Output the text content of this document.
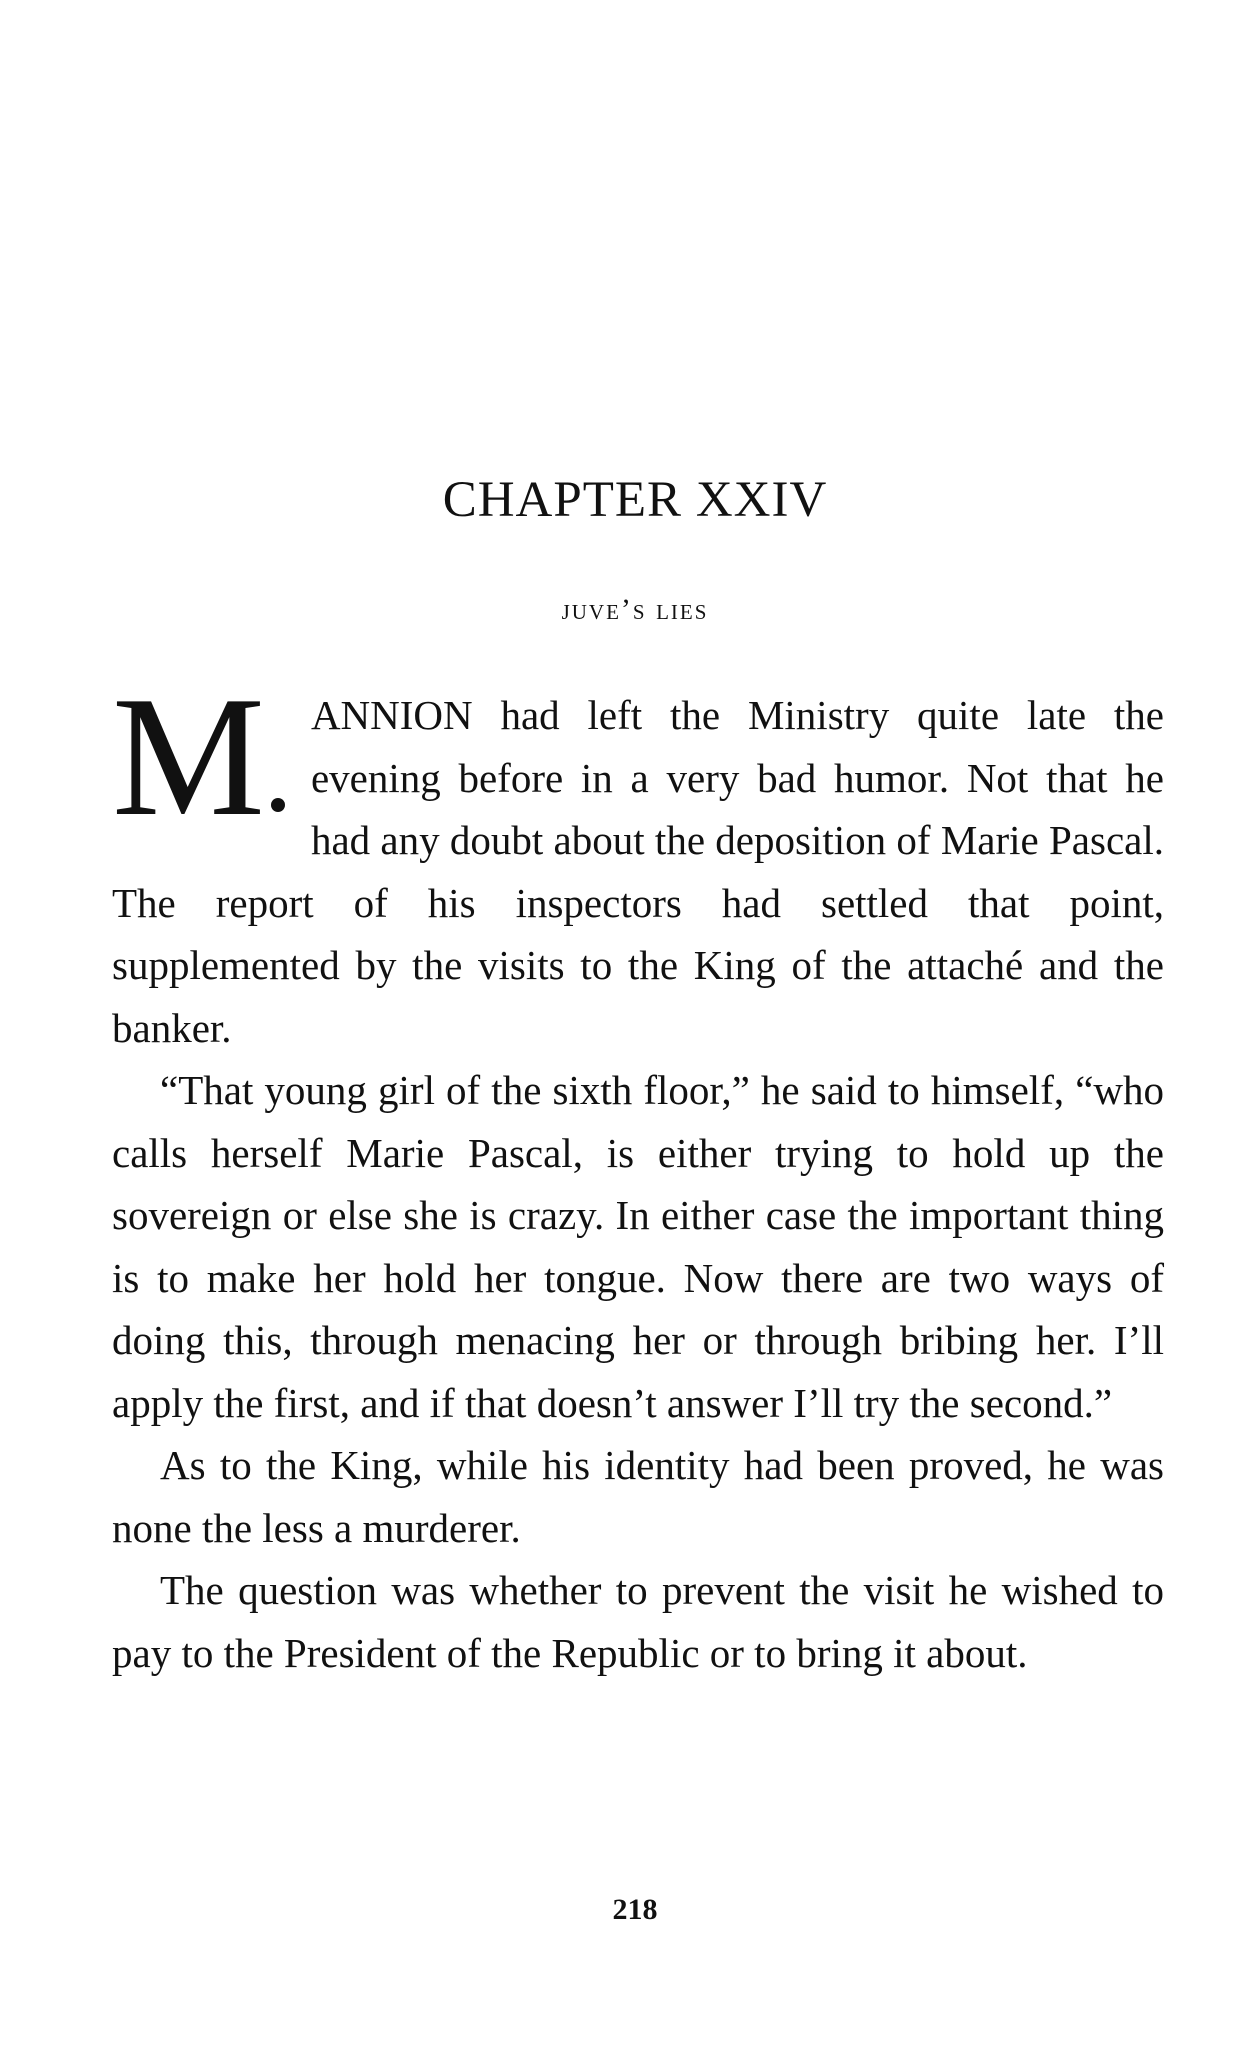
CHAPTER XXIV
juve’s lies

M	ANNION had left the Ministry quite late the evening before in a very bad humor. Not that he had any doubt about the deposition of Marie Pascal. The report of his inspectors had settled that point, supplemented by the visits to the King of the attaché and the banker.

“That young girl of the sixth floor,” he said to himself, “who calls herself Marie Pascal, is either trying to hold up the sovereign or else she is crazy. In either case the important thing is to make her hold her tongue. Now there are two ways of doing this, through menacing her or through bribing her. I’ll apply the first, and if that doesn’t answer I’ll try the second.”

As to the King, while his identity had been proved, he was none the less a murderer.

The question was whether to prevent the visit he wished to pay to the President of the Republic or to bring it about.

218
